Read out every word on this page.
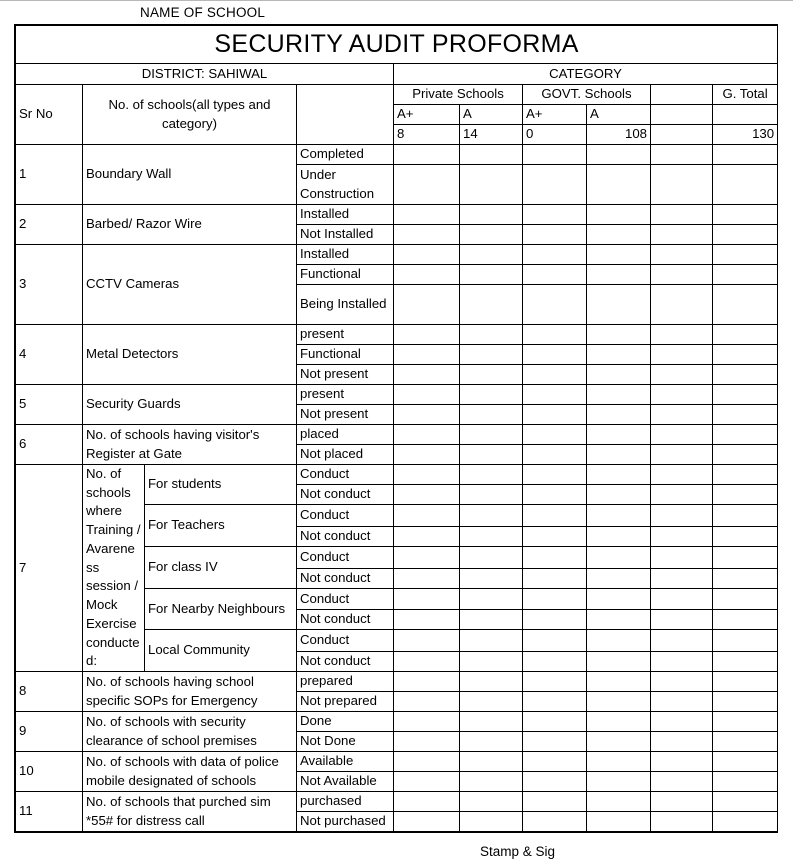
NAME OF SCHOOL
SECURITY AUDIT PROFORMA									
DISTRICT: SAHIWAL				CATEGORY					
Sr No	No. of schools(all types and category)			Private Schools		GOVT. Schools			G. Total
				A+	A	A+	A		
				8	14	0	108		130
1	Boundary Wall		Completed						
			Under Construction						
2	Barbed/ Razor Wire		Installed						
			Not Installed						
3	CCTV Cameras		Installed						
			Functional						
			Being Installed						
4	Metal Detectors		present						
			Functional						
			Not present						
5	Security Guards		present						
			Not present						
6	No. of schools having visitor's Register at Gate		placed						
			Not placed						
7	No. of schools where Training / Avareness session / Mock Exercise conducted:	For students	Conduct						
			Not conduct						
		For Teachers	Conduct						
			Not conduct						
		For class IV	Conduct						
			Not conduct						
		For Nearby Neighbours	Conduct						
			Not conduct						
		Local Community	Conduct						
			Not conduct						
8	No. of schools having school specific SOPs for Emergency		prepared						
			Not prepared						
9	No. of schools with security clearance of school premises		Done						
			Not Done						
10	No. of schools with data of police mobile designated of schools		Available						
			Not Available						
11	No. of schools that purched sim *55# for distress call		purchased						
			Not purchased						
Stamp & Sig
